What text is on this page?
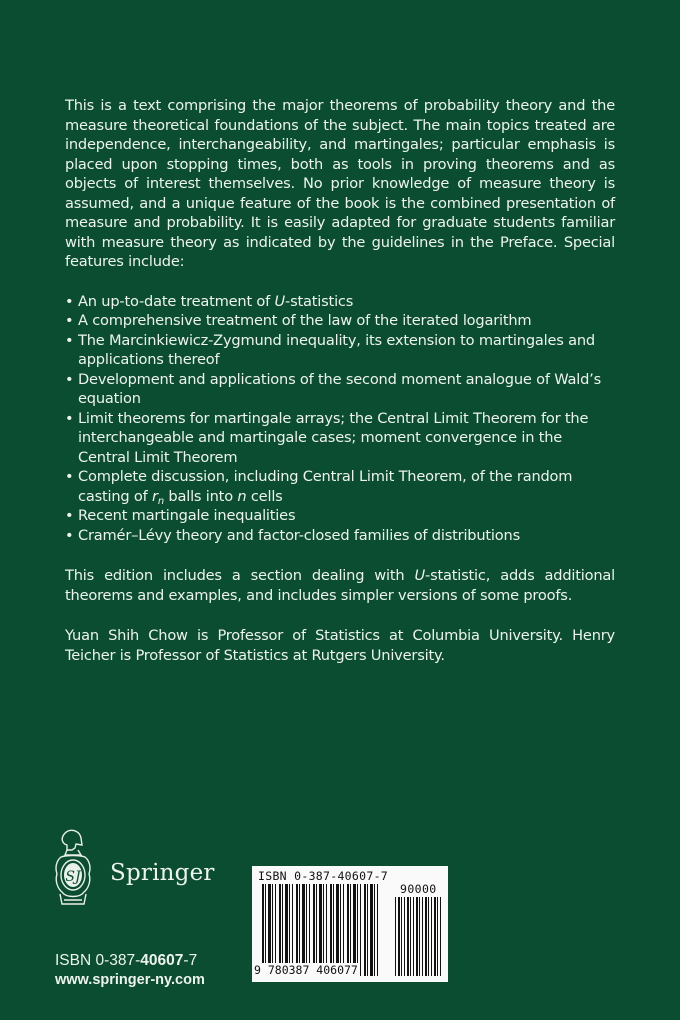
This is a text comprising the major theorems of probability theory and the measure theoretical foundations of the subject. The main topics treated are independence, interchangeability, and martingales; particular emphasis is placed upon stopping times, both as tools in proving theorems and as objects of interest themselves. No prior knowledge of measure theory is assumed, and a unique feature of the book is the combined presentation of measure and probability. It is easily adapted for graduate students familiar with measure theory as indicated by the guidelines in the Preface. Special features include:

• An up-to-date treatment of U-statistics
• A comprehensive treatment of the law of the iterated logarithm
• The Marcinkiewicz-Zygmund inequality, its extension to martingales and applications thereof
• Development and applications of the second moment analogue of Wald’s equation
• Limit theorems for martingale arrays; the Central Limit Theorem for the interchangeable and martingale cases; moment convergence in the Central Limit Theorem
• Complete discussion, including Central Limit Theorem, of the random casting of $r_n$ balls into n cells
• Recent martingale inequalities
• Cramér–Lévy theory and factor-closed families of distributions

This edition includes a section dealing with U-statistic, adds additional theorems and examples, and includes simpler versions of some proofs.

Yuan Shih Chow is Professor of Statistics at Columbia University. Henry Teicher is Professor of Statistics at Rutgers University.

SJ Springer
ISBN 0-387-40607-7
www.springer-ny.com
ISBN 0-387-40607-7
90000
9 780387 406077
